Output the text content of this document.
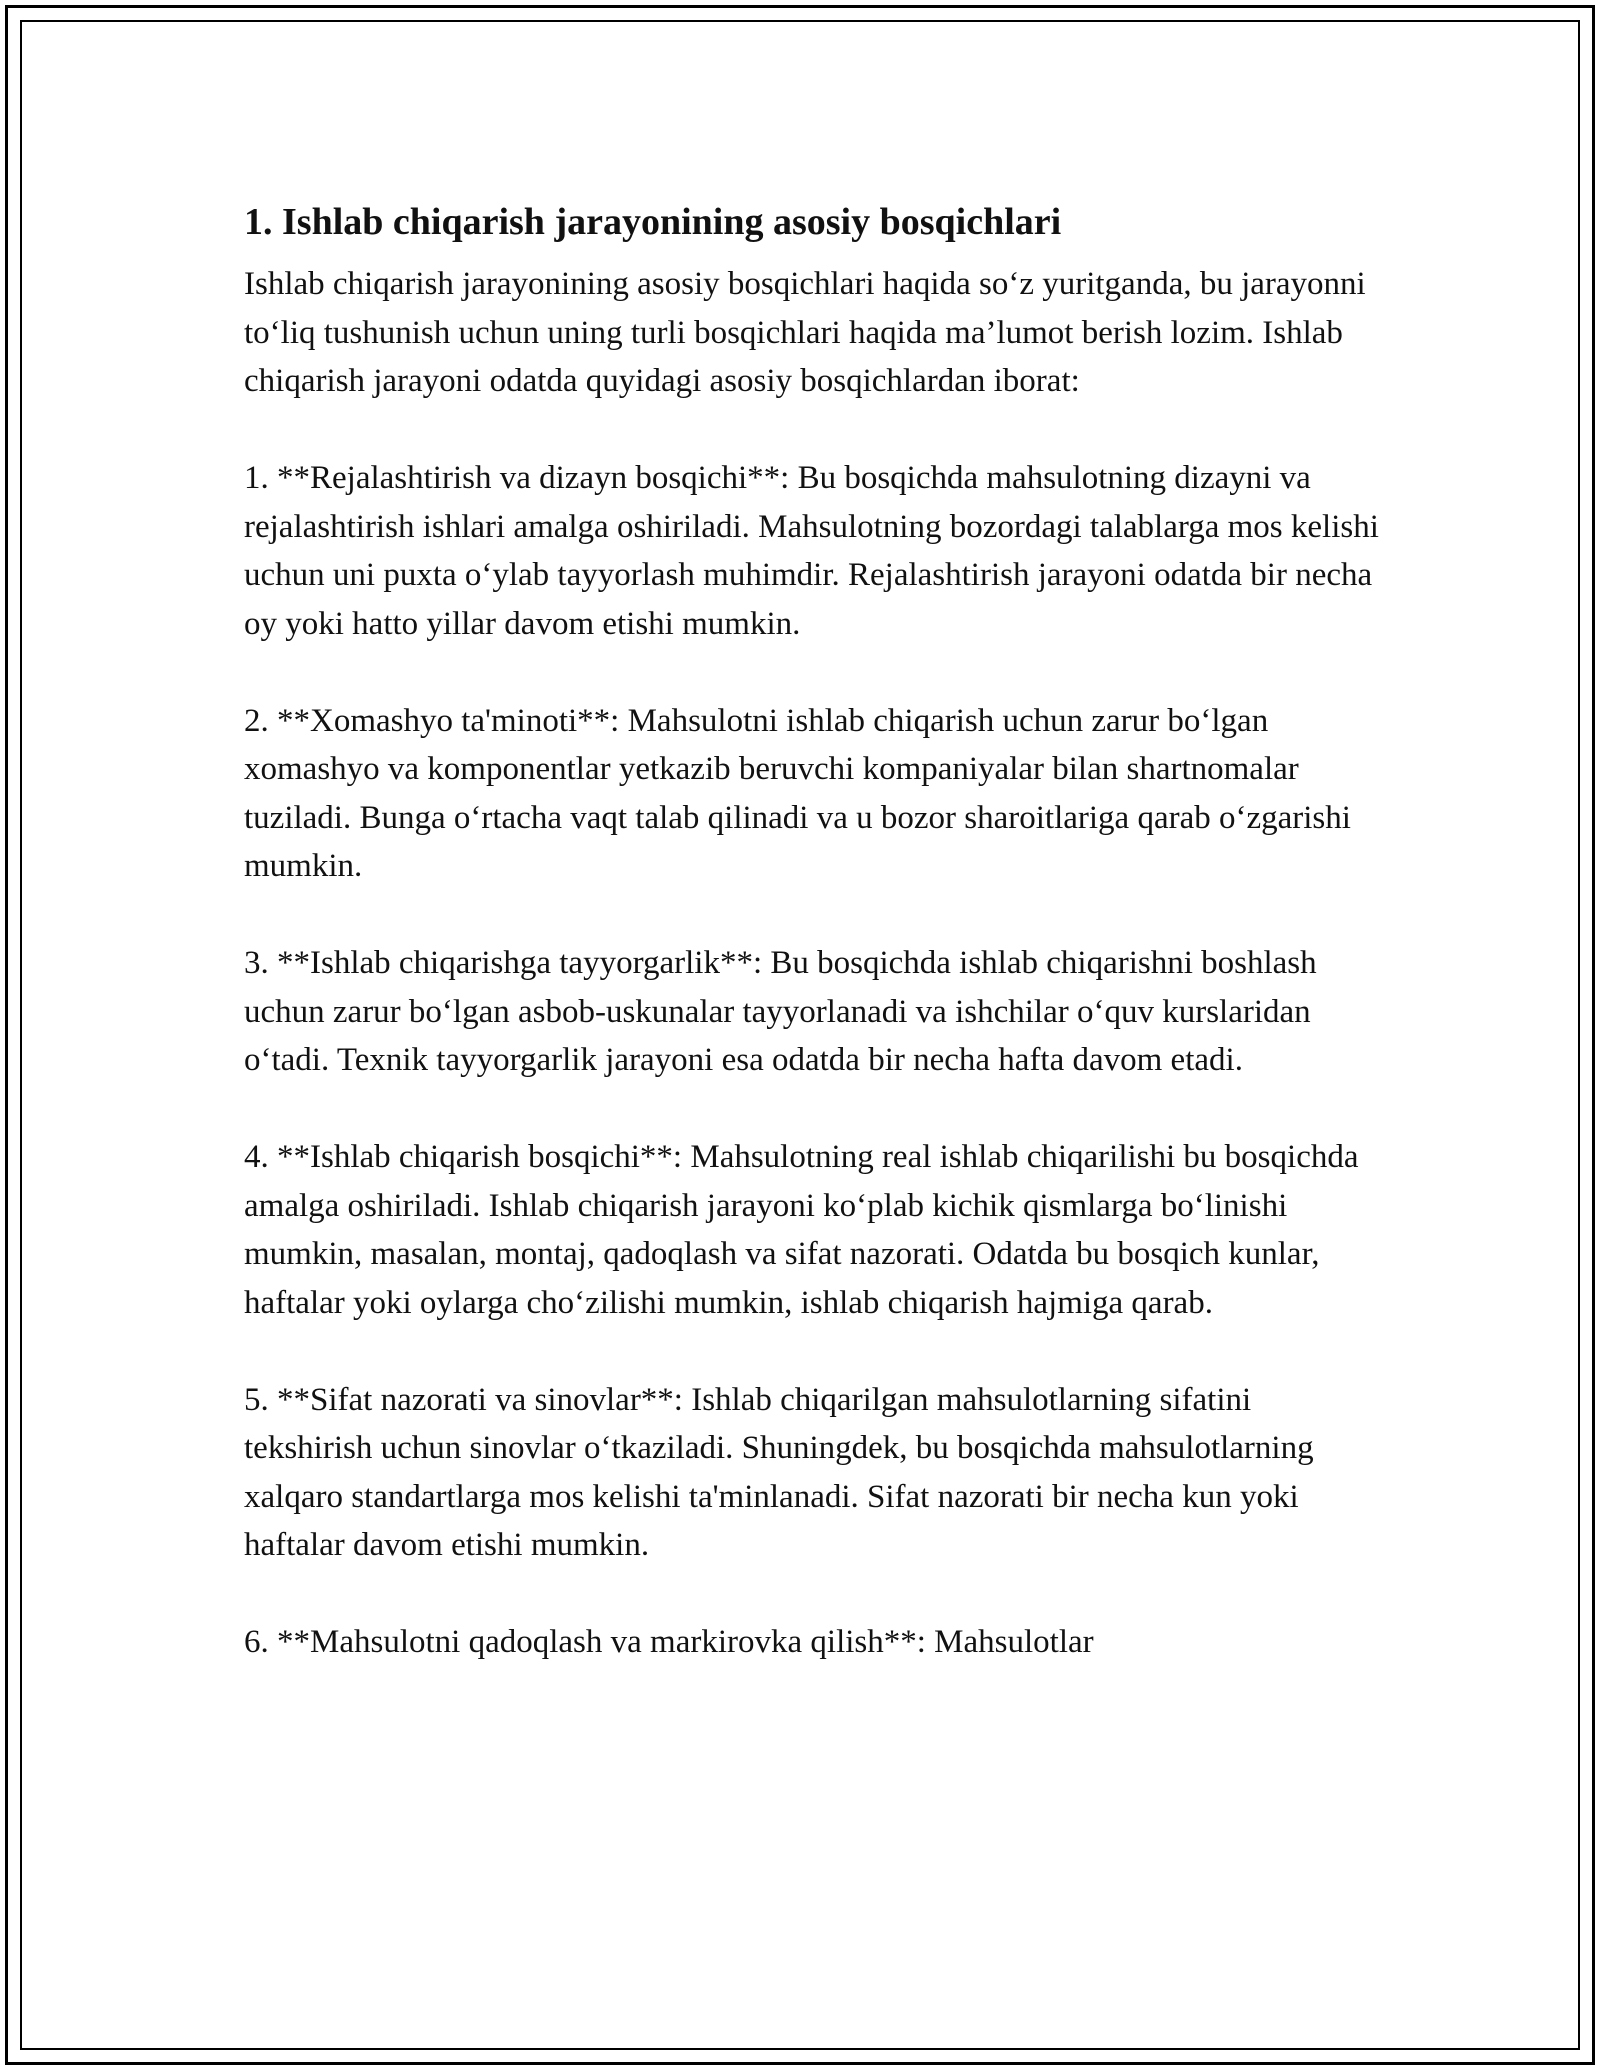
1. Ishlab chiqarish jarayonining asosiy bosqichlari

Ishlab chiqarish jarayonining asosiy bosqichlari haqida so‘z yuritganda, bu jarayonni to‘liq tushunish uchun uning turli bosqichlari haqida ma’lumot berish lozim. Ishlab chiqarish jarayoni odatda quyidagi asosiy bosqichlardan iborat:

1. **Rejalashtirish va dizayn bosqichi**: Bu bosqichda mahsulotning dizayni va rejalashtirish ishlari amalga oshiriladi. Mahsulotning bozordagi talablarga mos kelishi uchun uni puxta o‘ylab tayyorlash muhimdir. Rejalashtirish jarayoni odatda bir necha oy yoki hatto yillar davom etishi mumkin.

2. **Xomashyo ta'minoti**: Mahsulotni ishlab chiqarish uchun zarur bo‘lgan xomashyo va komponentlar yetkazib beruvchi kompaniyalar bilan shartnomalar tuziladi. Bunga o‘rtacha vaqt talab qilinadi va u bozor sharoitlariga qarab o‘zgarishi mumkin.

3. **Ishlab chiqarishga tayyorgarlik**: Bu bosqichda ishlab chiqarishni boshlash uchun zarur bo‘lgan asbob-uskunalar tayyorlanadi va ishchilar o‘quv kurslaridan o‘tadi. Texnik tayyorgarlik jarayoni esa odatda bir necha hafta davom etadi.

4. **Ishlab chiqarish bosqichi**: Mahsulotning real ishlab chiqarilishi bu bosqichda amalga oshiriladi. Ishlab chiqarish jarayoni ko‘plab kichik qismlarga bo‘linishi mumkin, masalan, montaj, qadoqlash va sifat nazorati. Odatda bu bosqich kunlar, haftalar yoki oylarga cho‘zilishi mumkin, ishlab chiqarish hajmiga qarab.

5. **Sifat nazorati va sinovlar**: Ishlab chiqarilgan mahsulotlarning sifatini tekshirish uchun sinovlar o‘tkaziladi. Shuningdek, bu bosqichda mahsulotlarning xalqaro standartlarga mos kelishi ta'minlanadi. Sifat nazorati bir necha kun yoki haftalar davom etishi mumkin.

6. **Mahsulotni qadoqlash va markirovka qilish**: Mahsulotlar
